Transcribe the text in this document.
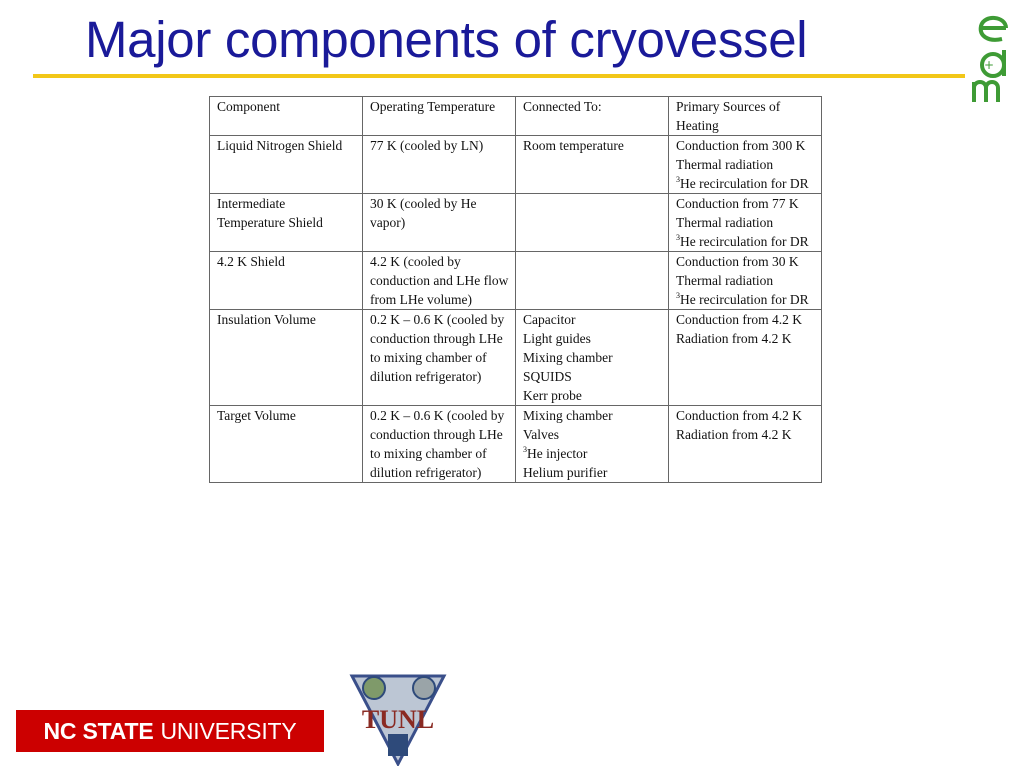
Major components of cryovessel	+
Component	Operating Temperature	Connected To:	Primary Sources of Heating
Liquid Nitrogen Shield	77 K (cooled by LN)	Room temperature	Conduction from 300 K
Thermal radiation
$^3$He recirculation for DR

Intermediate Temperature Shield	30 K (cooled by He vapor)		Conduction from 77 K
Thermal radiation
$^3$He recirculation for DR

4.2 K Shield	4.2 K (cooled by conduction and LHe flow from LHe volume)		Conduction from 30 K
Thermal radiation
$^3$He recirculation for DR

Insulation Volume	0.2 K – 0.6 K (cooled by conduction through LHe to mixing chamber of dilution refrigerator)	Capacitor
Light guides
Mixing chamber
SQUIDS
Kerr probe	Conduction from 4.2 K
Radiation from 4.2 K

Target Volume	0.2 K – 0.6 K (cooled by conduction through LHe to mixing chamber of dilution refrigerator)	Mixing chamber
Valves
$^3$He injector
Helium purifier	Conduction from 4.2 K
Radiation from 4.2 K
NC STATE UNIVERSITY	TUNL
